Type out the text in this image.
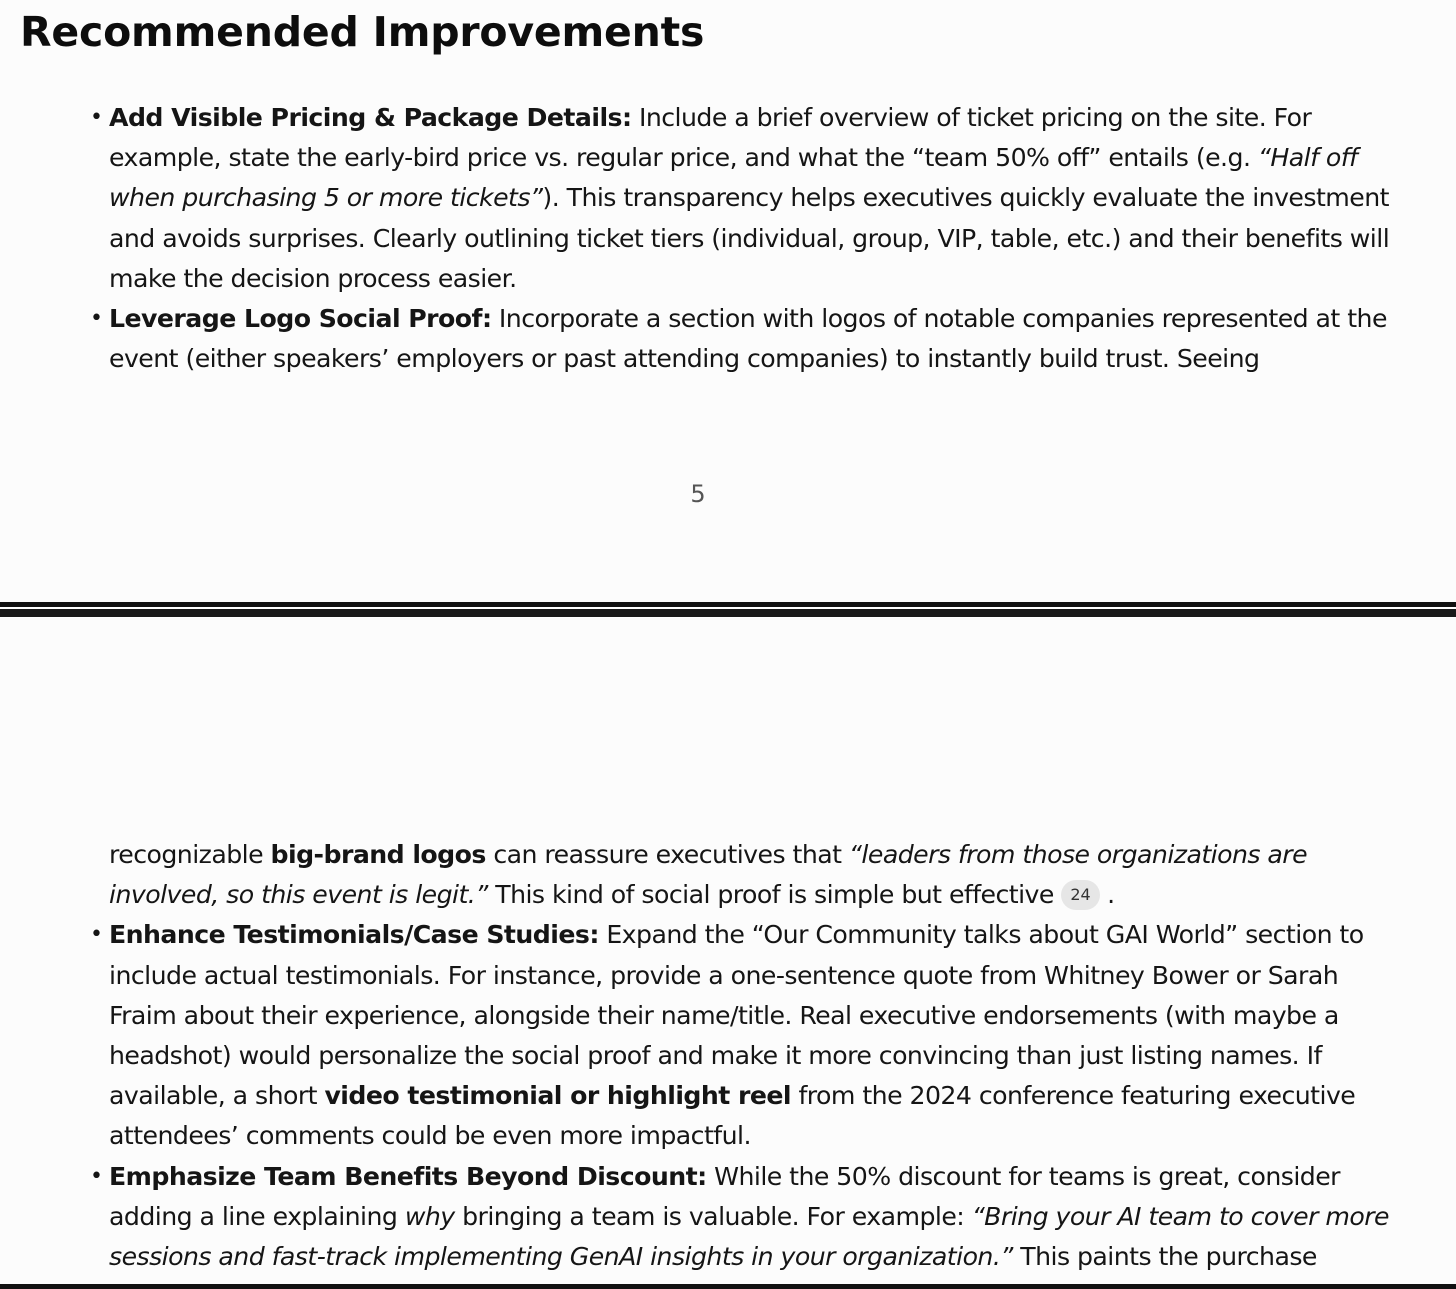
Recommended Improvements

• Add Visible Pricing & Package Details: Include a brief overview of ticket pricing on the site. For example, state the early-bird price vs. regular price, and what the “team 50% off” entails (e.g. “Half off when purchasing 5 or more tickets”). This transparency helps executives quickly evaluate the investment and avoids surprises. Clearly outlining ticket tiers (individual, group, VIP, table, etc.) and their benefits will make the decision process easier.

• Leverage Logo Social Proof: Incorporate a section with logos of notable companies represented at the event (either speakers’ employers or past attending companies) to instantly build trust. Seeing

5

recognizable big-brand logos can reassure executives that “leaders from those organizations are involved, so this event is legit.” This kind of social proof is simple but effective 24 .

• Enhance Testimonials/Case Studies: Expand the “Our Community talks about GAI World” section to include actual testimonials. For instance, provide a one-sentence quote from Whitney Bower or Sarah Fraim about their experience, alongside their name/title. Real executive endorsements (with maybe a headshot) would personalize the social proof and make it more convincing than just listing names. If available, a short video testimonial or highlight reel from the 2024 conference featuring executive attendees’ comments could be even more impactful.

• Emphasize Team Benefits Beyond Discount: While the 50% discount for teams is great, consider adding a line explaining why bringing a team is valuable. For example: “Bring your AI team to cover more sessions and fast-track implementing GenAI insights in your organization.” This paints the purchase
